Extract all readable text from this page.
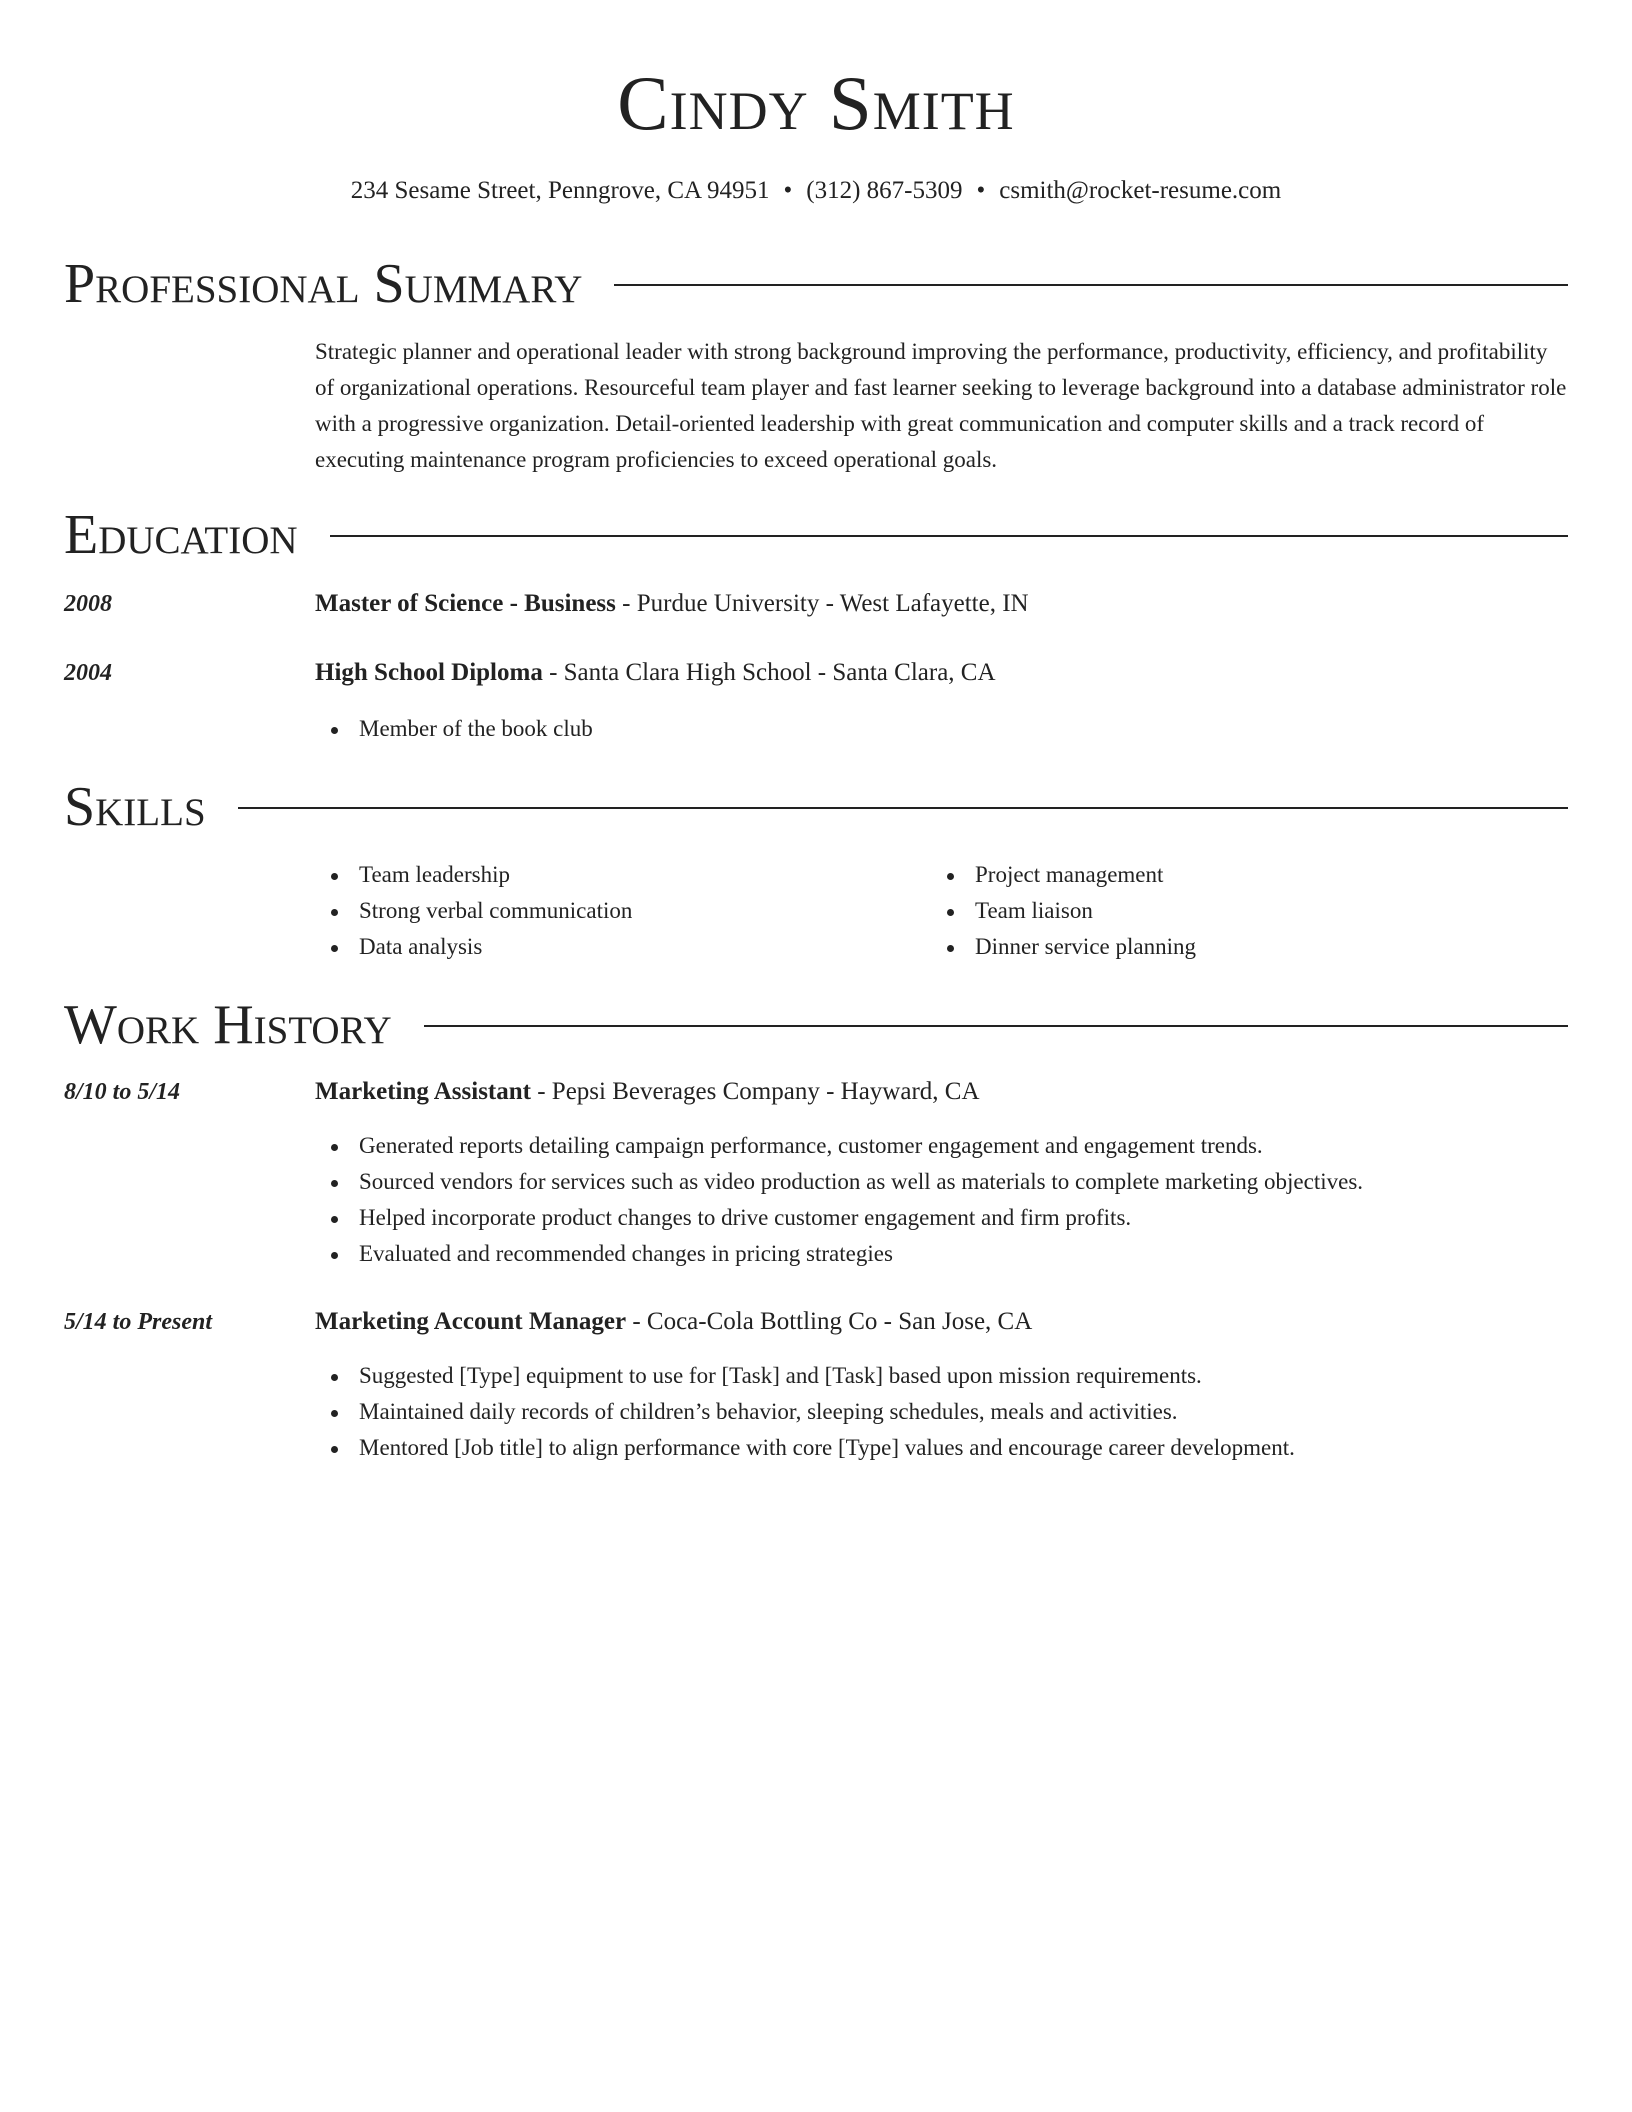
Cindy Smith
234 Sesame Street, Penngrove, CA 94951 • (312) 867-5309 • csmith@rocket-resume.com
Professional Summary
Strategic planner and operational leader with strong background improving the performance, productivity, efficiency, and profitability of organizational operations. Resourceful team player and fast learner seeking to leverage background into a database administrator role with a progressive organization. Detail-oriented leadership with great communication and computer skills and a track record of executing maintenance program proficiencies to exceed operational goals.
Education
2008	Master of Science - Business - Purdue University - West Lafayette, IN
2004	High School Diploma - Santa Clara High School - Santa Clara, CA
Member of the book club
Skills
Team leadership
Strong verbal communication
Data analysis
Project management
Team liaison
Dinner service planning
Work History
8/10 to 5/14	Marketing Assistant - Pepsi Beverages Company - Hayward, CA
Generated reports detailing campaign performance, customer engagement and engagement trends.
Sourced vendors for services such as video production as well as materials to complete marketing objectives.
Helped incorporate product changes to drive customer engagement and firm profits.
Evaluated and recommended changes in pricing strategies
5/14 to Present	Marketing Account Manager - Coca-Cola Bottling Co - San Jose, CA
Suggested [Type] equipment to use for [Task] and [Task] based upon mission requirements.
Maintained daily records of children’s behavior, sleeping schedules, meals and activities.
Mentored [Job title] to align performance with core [Type] values and encourage career development.
